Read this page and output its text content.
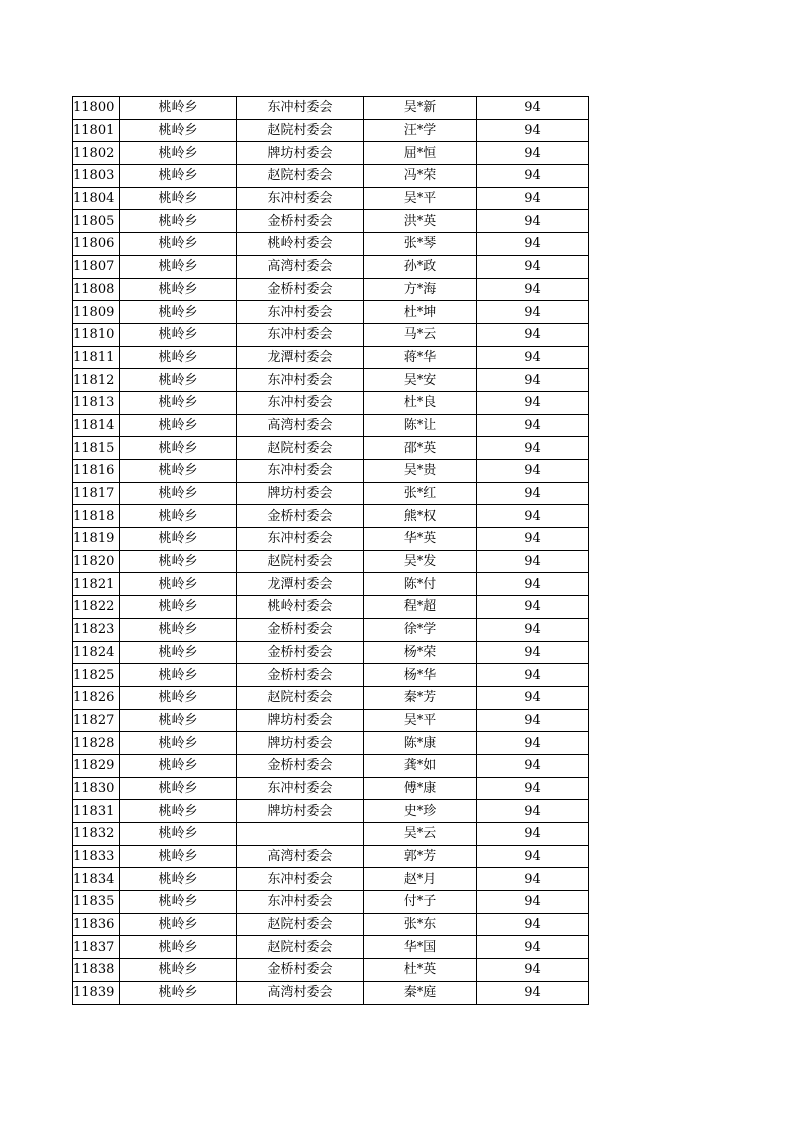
11800	桃岭乡	东冲村委会	吴*新	94
11801	桃岭乡	赵院村委会	汪*学	94
11802	桃岭乡	牌坊村委会	屈*恒	94
11803	桃岭乡	赵院村委会	冯*荣	94
11804	桃岭乡	东冲村委会	吴*平	94
11805	桃岭乡	金桥村委会	洪*英	94
11806	桃岭乡	桃岭村委会	张*琴	94
11807	桃岭乡	高湾村委会	孙*政	94
11808	桃岭乡	金桥村委会	方*海	94
11809	桃岭乡	东冲村委会	杜*坤	94
11810	桃岭乡	东冲村委会	马*云	94
11811	桃岭乡	龙潭村委会	蒋*华	94
11812	桃岭乡	东冲村委会	吴*安	94
11813	桃岭乡	东冲村委会	杜*良	94
11814	桃岭乡	高湾村委会	陈*让	94
11815	桃岭乡	赵院村委会	邵*英	94
11816	桃岭乡	东冲村委会	吴*贵	94
11817	桃岭乡	牌坊村委会	张*红	94
11818	桃岭乡	金桥村委会	熊*权	94
11819	桃岭乡	东冲村委会	华*英	94
11820	桃岭乡	赵院村委会	吴*发	94
11821	桃岭乡	龙潭村委会	陈*付	94
11822	桃岭乡	桃岭村委会	程*超	94
11823	桃岭乡	金桥村委会	徐*学	94
11824	桃岭乡	金桥村委会	杨*荣	94
11825	桃岭乡	金桥村委会	杨*华	94
11826	桃岭乡	赵院村委会	秦*芳	94
11827	桃岭乡	牌坊村委会	吴*平	94
11828	桃岭乡	牌坊村委会	陈*康	94
11829	桃岭乡	金桥村委会	龚*如	94
11830	桃岭乡	东冲村委会	傅*康	94
11831	桃岭乡	牌坊村委会	史*珍	94
11832	桃岭乡		吴*云	94
11833	桃岭乡	高湾村委会	郭*芳	94
11834	桃岭乡	东冲村委会	赵*月	94
11835	桃岭乡	东冲村委会	付*子	94
11836	桃岭乡	赵院村委会	张*东	94
11837	桃岭乡	赵院村委会	华*国	94
11838	桃岭乡	金桥村委会	杜*英	94
11839	桃岭乡	高湾村委会	秦*庭	94
